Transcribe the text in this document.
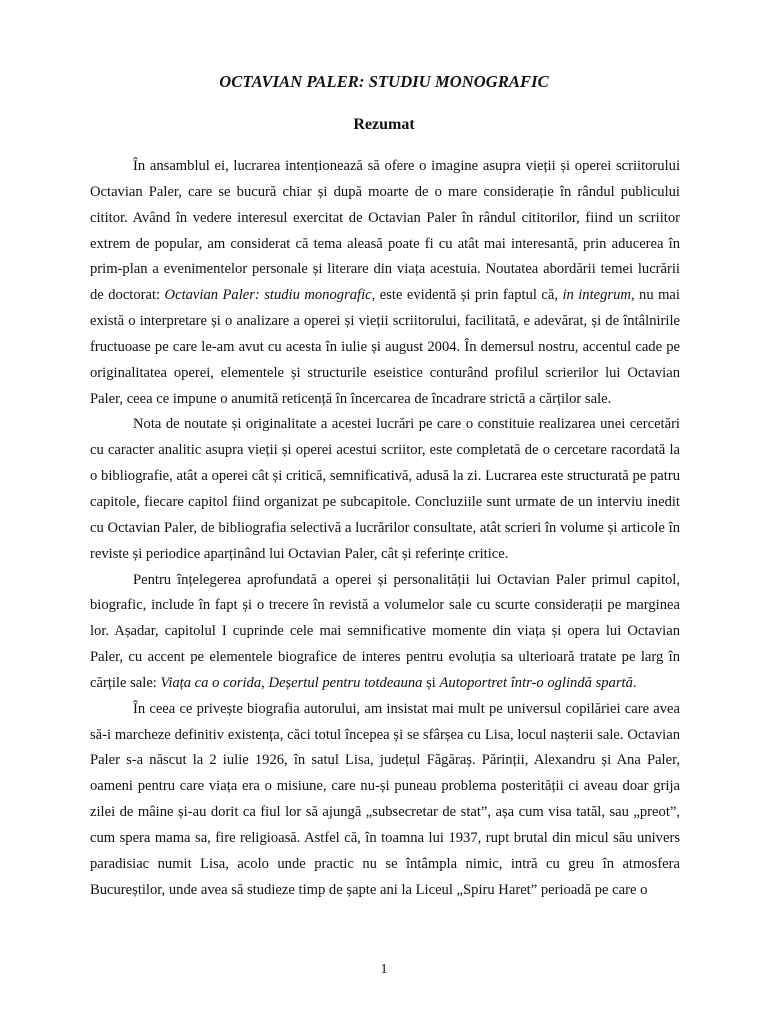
OCTAVIAN PALER: STUDIU MONOGRAFIC
Rezumat

În ansamblul ei, lucrarea intenționează să ofere o imagine asupra vieții și operei scriitorului Octavian Paler, care se bucură chiar și după moarte de o mare considerație în rândul publicului cititor. Având în vedere interesul exercitat de Octavian Paler în rândul cititorilor, fiind un scriitor extrem de popular, am considerat că tema aleasă poate fi cu atât mai interesantă, prin aducerea în prim-plan a evenimentelor personale și literare din viața acestuia. Noutatea abordării temei lucrării de doctorat: Octavian Paler: studiu monografic, este evidentă și prin faptul că, in integrum, nu mai există o interpretare și o analizare a operei și vieții scriitorului, facilitată, e adevărat, și de întâlnirile fructuoase pe care le-am avut cu acesta în iulie și august 2004. În demersul nostru, accentul cade pe originalitatea operei, elementele și structurile eseistice conturând profilul scrierilor lui Octavian Paler, ceea ce impune o anumită reticență în încercarea de încadrare strictă a cărților sale.

Nota de noutate și originalitate a acestei lucrări pe care o constituie realizarea unei cercetări cu caracter analitic asupra vieții și operei acestui scriitor, este completată de o cercetare racordată la o bibliografie, atât a operei cât și critică, semnificativă, adusă la zi. Lucrarea este structurată pe patru capitole, fiecare capitol fiind organizat pe subcapitole. Concluziile sunt urmate de un interviu inedit cu Octavian Paler, de bibliografia selectivă a lucrărilor consultate, atât scrieri în volume și articole în reviste și periodice aparținând lui Octavian Paler, cât și referințe critice.

Pentru înțelegerea aprofundată a operei și personalității lui Octavian Paler primul capitol, biografic, include în fapt și o trecere în revistă a volumelor sale cu scurte considerații pe marginea lor. Așadar, capitolul I cuprinde cele mai semnificative momente din viața și opera lui Octavian Paler, cu accent pe elementele biografice de interes pentru evoluția sa ulterioară tratate pe larg în cărțile sale: Viața ca o corida, Deșertul pentru totdeauna și Autoportret într-o oglindă spartă.

În ceea ce privește biografia autorului, am insistat mai mult pe universul copilăriei care avea să-i marcheze definitiv existența, căci totul începea și se sfârșea cu Lisa, locul nașterii sale. Octavian Paler s-a născut la 2 iulie 1926, în satul Lisa, județul Făgăraș. Părinții, Alexandru și Ana Paler, oameni pentru care viața era o misiune, care nu-și puneau problema posterității ci aveau doar grija zilei de mâine și-au dorit ca fiul lor să ajungă „subsecretar de stat”, așa cum visa tatăl, sau „preot”, cum spera mama sa, fire religioasă. Astfel că, în toamna lui 1937, rupt brutal din micul său univers paradisiac numit Lisa, acolo unde practic nu se întâmpla nimic, intră cu greu în atmosfera Bucureștilor, unde avea să studieze timp de șapte ani la Liceul „Spiru Haret” perioadă pe care o

1
